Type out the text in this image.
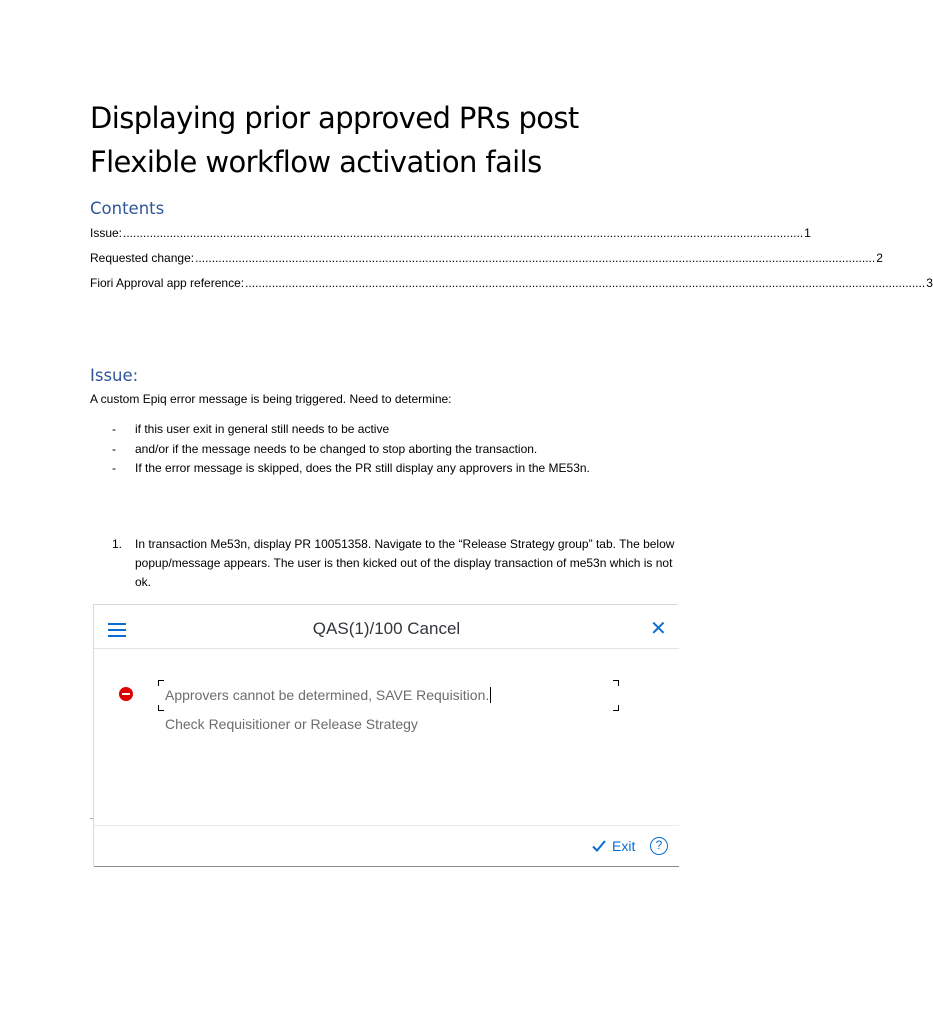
Displaying prior approved PRs post Flexible workflow activation fails
Contents
Issue: ............................................................................................................................................................................................................ 1
Requested change: ............................................................................................................................................................................................................ 2
Fiori Approval app reference: ............................................................................................................................................................................................................ 3
Issue:

A custom Epiq error message is being triggered. Need to determine:

-	if this user exit in general still needs to be active
-	and/or if the message needs to be changed to stop aborting the transaction.
-	If the error message is skipped, does the PR still display any approvers in the ME53n.
1.	In transaction Me53n, display PR 10051358. Navigate to the “Release Strategy group” tab. The below popup/message appears. The user is then kicked out of the display transaction of me53n which is not ok.
QAS(1)/100 Cancel	✕
Approvers cannot be determined, SAVE Requisition.
Check Requisitioner or Release Strategy
Exit	?
